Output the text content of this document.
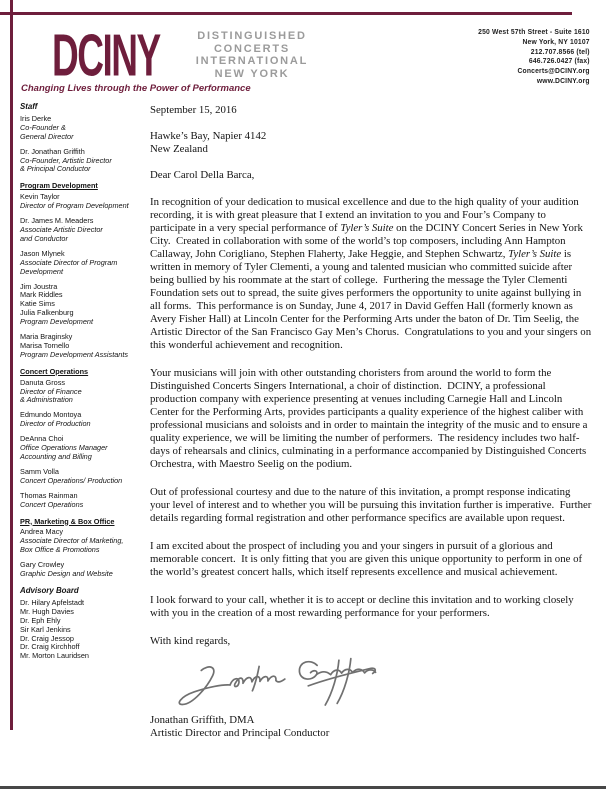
DCINY	DISTINGUISHED
CONCERTS
INTERNATIONAL
NEW YORK
250 West 57th Street - Suite 1610
New York, NY 10107
212.707.8566 (tel)
646.726.0427 (fax)
Concerts@DCINY.org
www.DCINY.org
Changing Lives through the Power of Performance
Staff
Iris Derke
Co-Founder &
General Director
Dr. Jonathan Griffith
Co-Founder, Artistic Director
& Principal Conductor
Program Development
Kevin Taylor
Director of Program Development
Dr. James M. Meaders
Associate Artistic Director
and Conductor
Jason Mlynek
Associate Director of Program
Development
Jim Joustra
Mark Riddles
Katie Sims
Julia Falkenburg
Program Development
Maria Braginsky
Marisa Tornello
Program Development Assistants
Concert Operations
Danuta Gross
Director of Finance
& Administration
Edmundo Montoya
Director of Production
DeAnna Choi
Office Operations Manager
Accounting and Billing
Samm Volla
Concert Operations/ Production
Thomas Rainman
Concert Operations
PR, Marketing & Box Office
Andrea Macy
Associate Director of Marketing,
Box Office & Promotions
Gary Crowley
Graphic Design and Website
Advisory Board
Dr. Hilary Apfelstadt
Mr. Hugh Davies
Dr. Eph Ehly
Sir Karl Jenkins
Dr. Craig Jessop
Dr. Craig Kirchhoff
Mr. Morton Lauridsen
September 15, 2016
Hawke’s Bay, Napier 4142
New Zealand
Dear Carol Della Barca,

In recognition of your dedication to musical excellence and due to the high quality of your audition recording, it is with great pleasure that I extend an invitation to you and Four’s Company to participate in a very special performance of Tyler’s Suite on the DCINY Concert Series in New York City.  Created in collaboration with some of the world’s top composers, including Ann Hampton Callaway, John Corigliano, Stephen Flaherty, Jake Heggie, and Stephen Schwartz, Tyler’s Suite is written in memory of Tyler Clementi, a young and talented musician who committed suicide after being bullied by his roommate at the start of college.  Furthering the message the Tyler Clementi Foundation sets out to spread, the suite gives performers the opportunity to unite against bullying in all forms.  This performance is on Sunday, June 4, 2017 in David Geffen Hall (formerly known as Avery Fisher Hall) at Lincoln Center for the Performing Arts under the baton of Dr. Tim Seelig, the Artistic Director of the San Francisco Gay Men’s Chorus.  Congratulations to you and your singers on this wonderful achievement and recognition.

Your musicians will join with other outstanding choristers from around the world to form the Distinguished Concerts Singers International, a choir of distinction.  DCINY, a professional production company with experience presenting at venues including Carnegie Hall and Lincoln Center for the Performing Arts, provides participants a quality experience of the highest caliber with professional musicians and soloists and in order to maintain the integrity of the music and to ensure a quality experience, we will be limiting the number of performers.  The residency includes two half-days of rehearsals and clinics, culminating in a performance accompanied by Distinguished Concerts Orchestra, with Maestro Seelig on the podium.

Out of professional courtesy and due to the nature of this invitation, a prompt response indicating your level of interest and to whether you will be pursuing this invitation further is imperative.  Further details regarding formal registration and other performance specifics are available upon request.

I am excited about the prospect of including you and your singers in pursuit of a glorious and memorable concert.  It is only fitting that you are given this unique opportunity to perform in one of the world’s greatest concert halls, which itself represents excellence and musical achievement.

I look forward to your call, whether it is to accept or decline this invitation and to working closely with you in the creation of a most rewarding performance for your performers.

With kind regards,
Jonathan Griffith, DMA
Artistic Director and Principal Conductor
